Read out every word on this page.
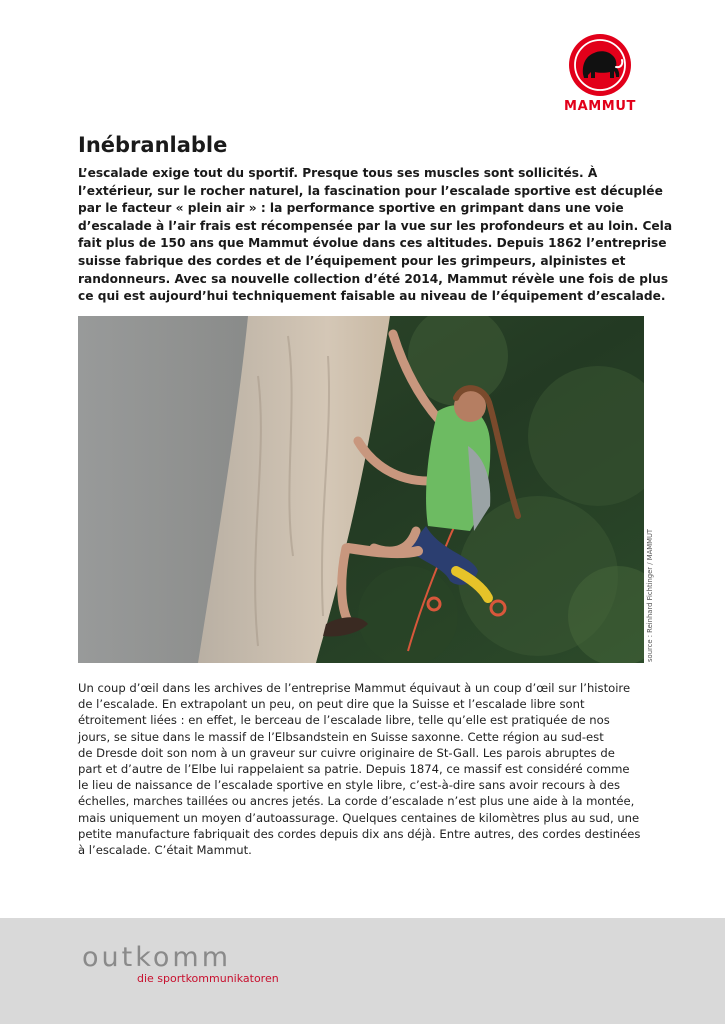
MAMMUT
Inébranlable
L’escalade exige tout du sportif. Presque tous ses muscles sont sollicités. À
l’extérieur, sur le rocher naturel, la fascination pour l’escalade sportive est décuplée
par le facteur « plein air » : la performance sportive en grimpant dans une voie
d’escalade à l’air frais est récompensée par la vue sur les profondeurs et au loin. Cela
fait plus de 150 ans que Mammut évolue dans ces altitudes. Depuis 1862 l’entreprise
suisse fabrique des cordes et de l’équipement pour les grimpeurs, alpinistes et
randonneurs. Avec sa nouvelle collection d’été 2014, Mammut révèle une fois de plus
ce qui est aujourd’hui techniquement faisable au niveau de l’équipement d’escalade.
source : Reinhard Fichtinger / MAMMUT
Un coup d’œil dans les archives de l’entreprise Mammut équivaut à un coup d’œil sur l’histoire
de l’escalade. En extrapolant un peu, on peut dire que la Suisse et l’escalade libre sont
étroitement liées : en effet, le berceau de l’escalade libre, telle qu’elle est pratiquée de nos
jours, se situe dans le massif de l’Elbsandstein en Suisse saxonne. Cette région au sud-est
de Dresde doit son nom à un graveur sur cuivre originaire de St-Gall. Les parois abruptes de
part et d’autre de l’Elbe lui rappelaient sa patrie. Depuis 1874, ce massif est considéré comme
le lieu de naissance de l’escalade sportive en style libre, c’est-à-dire sans avoir recours à des
échelles, marches taillées ou ancres jetés. La corde d’escalade n’est plus une aide à la montée,
mais uniquement un moyen d’autoassurage. Quelques centaines de kilomètres plus au sud, une
petite manufacture fabriquait des cordes depuis dix ans déjà. Entre autres, des cordes destinées
à l’escalade. C’était Mammut.
outkomm
die sportkommunikatoren
